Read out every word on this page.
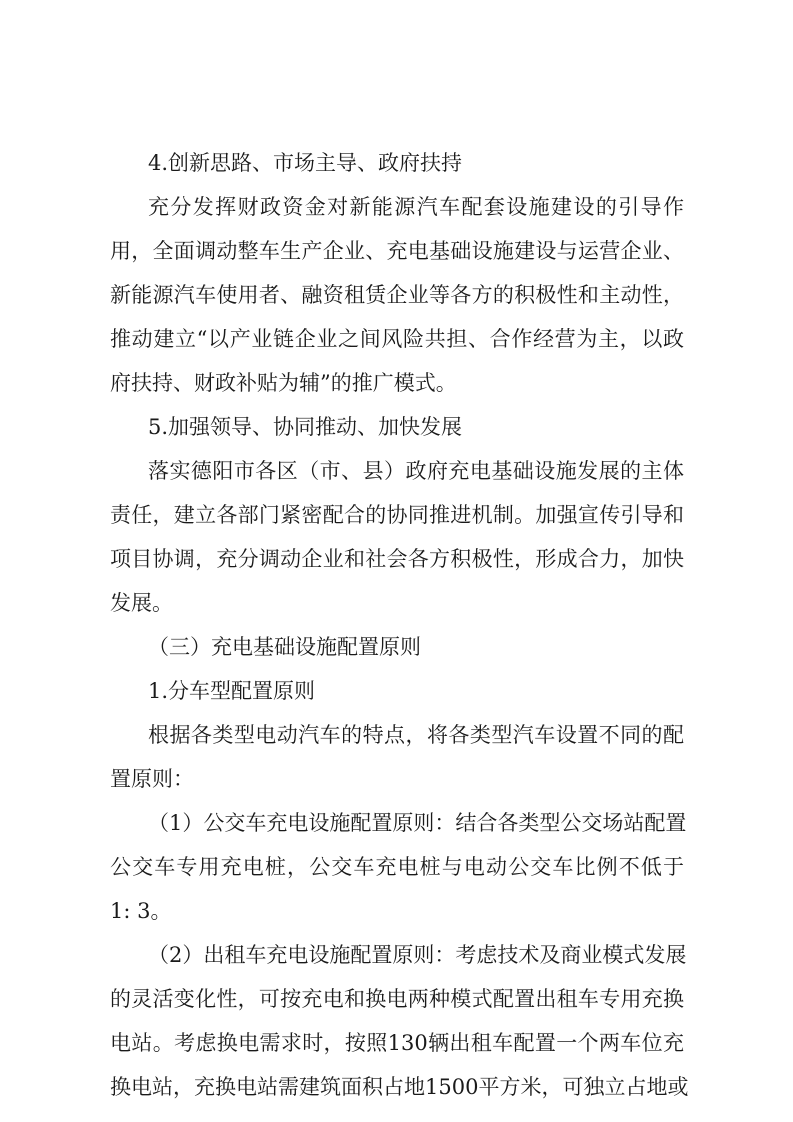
4.创新思路、市场主导、政府扶持
充分发挥财政资金对新能源汽车配套设施建设的引导作
用，全面调动整车生产企业、充电基础设施建设与运营企业、
新能源汽车使用者、融资租赁企业等各方的积极性和主动性，
推动建立“以产业链企业之间风险共担、合作经营为主，以政
府扶持、财政补贴为辅”的推广模式。
5.加强领导、协同推动、加快发展
落实德阳市各区（市、县）政府充电基础设施发展的主体
责任，建立各部门紧密配合的协同推进机制。加强宣传引导和
项目协调，充分调动企业和社会各方积极性，形成合力，加快
发展。
（三）充电基础设施配置原则
1.分车型配置原则
根据各类型电动汽车的特点，将各类型汽车设置不同的配
置原则：
（1）公交车充电设施配置原则：结合各类型公交场站配置
公交车专用充电桩，公交车充电桩与电动公交车比例不低于
1: 3。
（2）出租车充电设施配置原则：考虑技术及商业模式发展
的灵活变化性，可按充电和换电两种模式配置出租车专用充换
电站。考虑换电需求时，按照130辆出租车配置一个两车位充
换电站，充换电站需建筑面积占地1500平方米，可独立占地或
